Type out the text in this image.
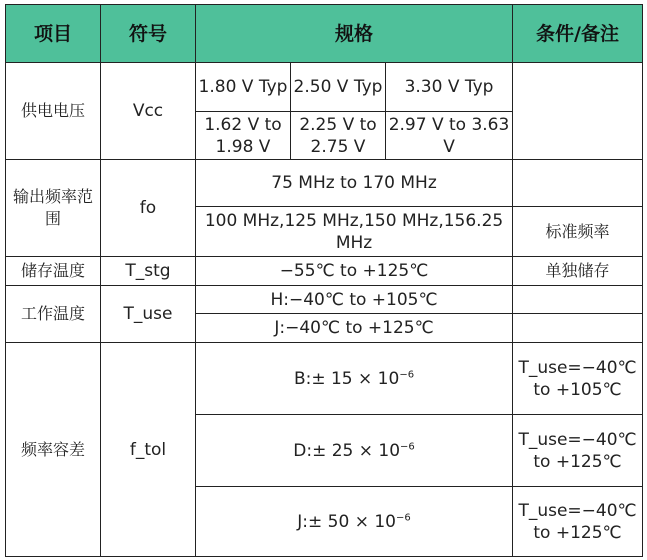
项目	符号	规格			条件/备注
供电电压	Vcc	1.80 V Typ	2.50 V Typ	3.30 V Typ	
		1.62 V to 1.98 V	2.25 V to 2.75 V	2.97 V to 3.63 V	
输出频率范围	fo	75 MHz to 170 MHz			
		100 MHz,125 MHz,150 MHz,156.25 MHz			标准频率
储存温度	T_stg	−55℃ to +125℃			单独储存
工作温度	T_use	H:−40℃ to +105℃			
		J:−40℃ to +125℃			
频率容差	f_tol	B:± $15 \times 10^{-6}$			T_use=−40℃ to +105℃
		D:± $25 \times 10^{-6}$			T_use=−40℃ to +125℃
		J:± $50 \times 10^{-6}$			T_use=−40℃ to +125℃
